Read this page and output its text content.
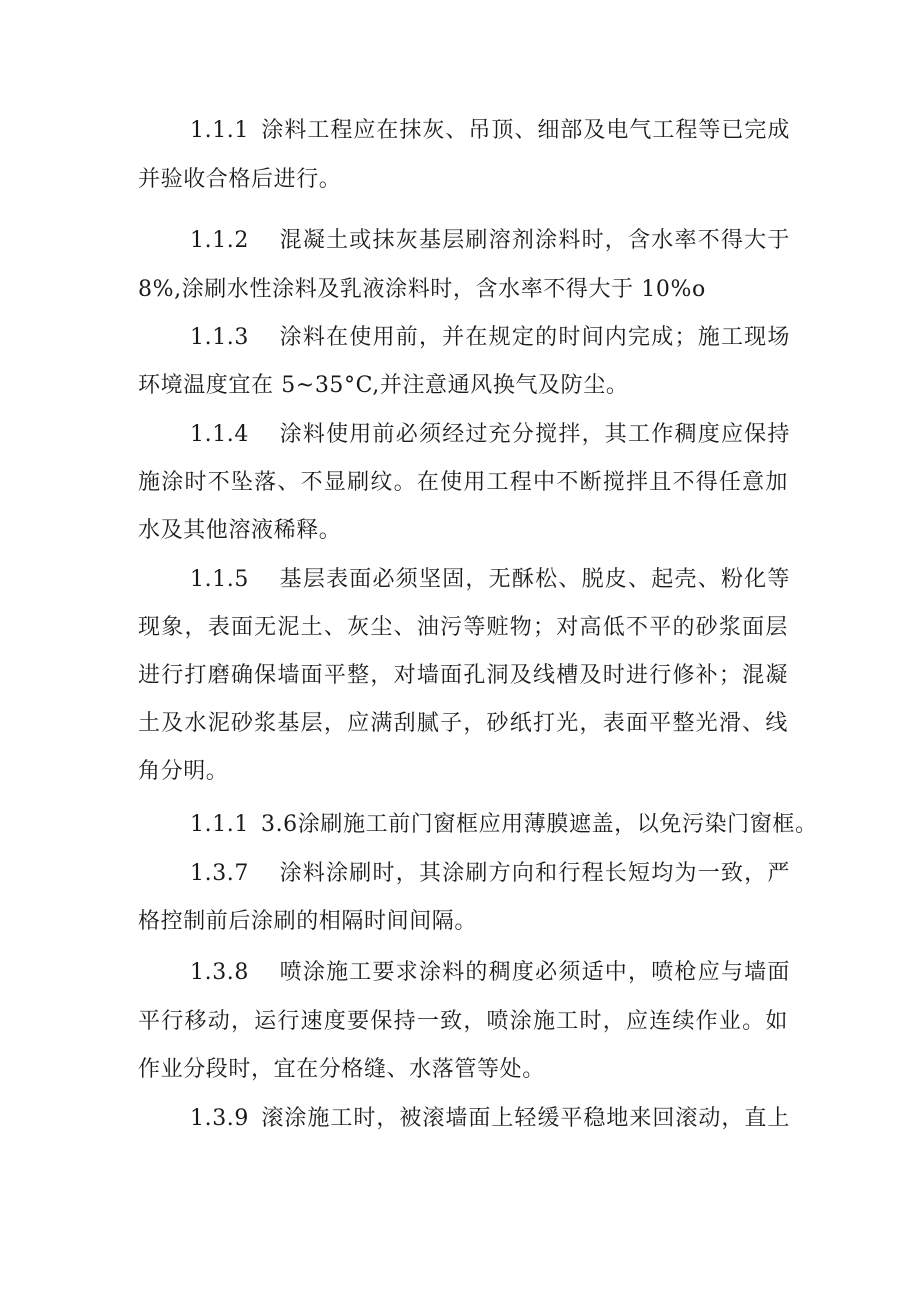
1.1.1 涂料工程应在抹灰、吊顶、细部及电气工程等已完成
并验收合格后进行。
1.1.2 混凝土或抹灰基层刷溶剂涂料时，含水率不得大于
8%,涂刷水性涂料及乳液涂料时，含水率不得大于 10%o
1.1.3 涂料在使用前，并在规定的时间内完成；施工现场
环境温度宜在 5~35°C,并注意通风换气及防尘。
1.1.4 涂料使用前必须经过充分搅拌，其工作稠度应保持
施涂时不坠落、不显刷纹。在使用工程中不断搅拌且不得任意加
水及其他溶液稀释。
1.1.5 基层表面必须坚固，无酥松、脱皮、起壳、粉化等
现象，表面无泥土、灰尘、油污等赃物；对高低不平的砂浆面层
进行打磨确保墙面平整，对墙面孔洞及线槽及时进行修补；混凝
土及水泥砂浆基层，应满刮腻子，砂纸打光，表面平整光滑、线
角分明。
1.1.1 3.6涂刷施工前门窗框应用薄膜遮盖，以免污染门窗框。
1.3.7 涂料涂刷时，其涂刷方向和行程长短均为一致，严
格控制前后涂刷的相隔时间间隔。
1.3.8 喷涂施工要求涂料的稠度必须适中，喷枪应与墙面
平行移动，运行速度要保持一致，喷涂施工时，应连续作业。如
作业分段时，宜在分格缝、水落管等处。
1.3.9 滚涂施工时，被滚墙面上轻缓平稳地来回滚动，直上
